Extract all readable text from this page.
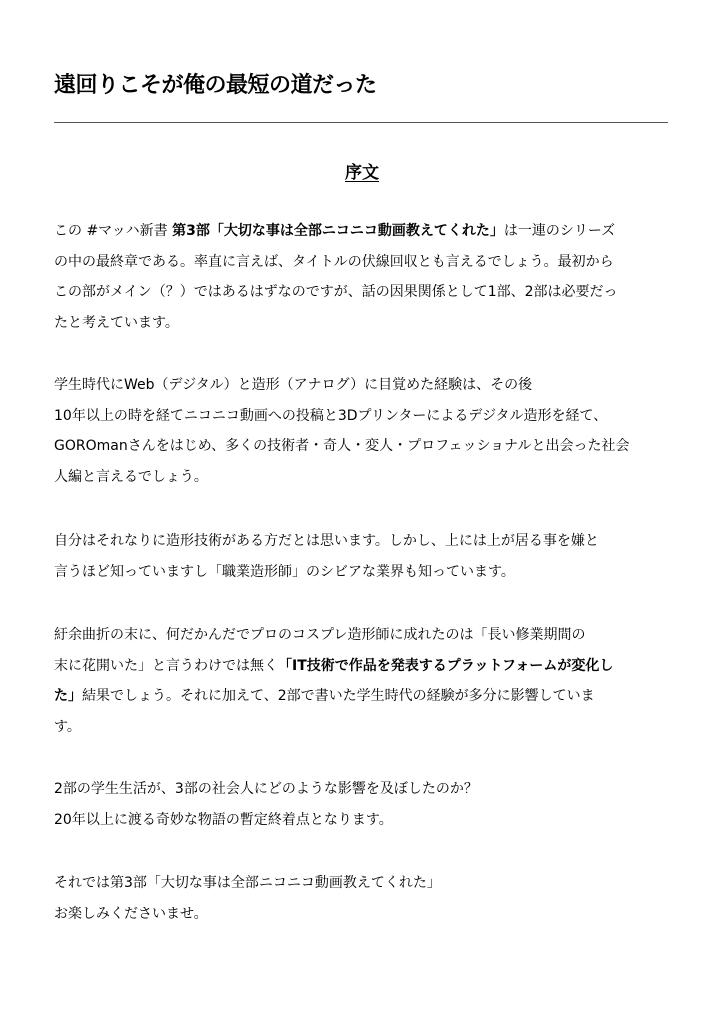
遠回りこそが俺の最短の道だった
序文

この #マッハ新書 第3部「大切な事は全部ニコニコ動画教えてくれた」は一連のシリーズ
の中の最終章である。率直に言えば、タイトルの伏線回収とも言えるでしょう。最初から
この部がメイン（？）ではあるはずなのですが、話の因果関係として1部、2部は必要だっ
たと考えています。

学生時代にWeb（デジタル）と造形（アナログ）に目覚めた経験は、その後
10年以上の時を経てニコニコ動画への投稿と3Dプリンターによるデジタル造形を経て、
GOROmanさんをはじめ、多くの技術者・奇人・変人・プロフェッショナルと出会った社会
人編と言えるでしょう。

自分はそれなりに造形技術がある方だとは思います。しかし、上には上が居る事を嫌と
言うほど知っていますし「職業造形師」のシビアな業界も知っています。

紆余曲折の末に、何だかんだでプロのコスプレ造形師に成れたのは「長い修業期間の
末に花開いた」と言うわけでは無く「IT技術で作品を発表するプラットフォームが変化し
た」結果でしょう。それに加えて、2部で書いた学生時代の経験が多分に影響していま
す。

2部の学生生活が、3部の社会人にどのような影響を及ぼしたのか？
20年以上に渡る奇妙な物語の暫定終着点となります。

それでは第3部「大切な事は全部ニコニコ動画教えてくれた」
お楽しみくださいませ。
